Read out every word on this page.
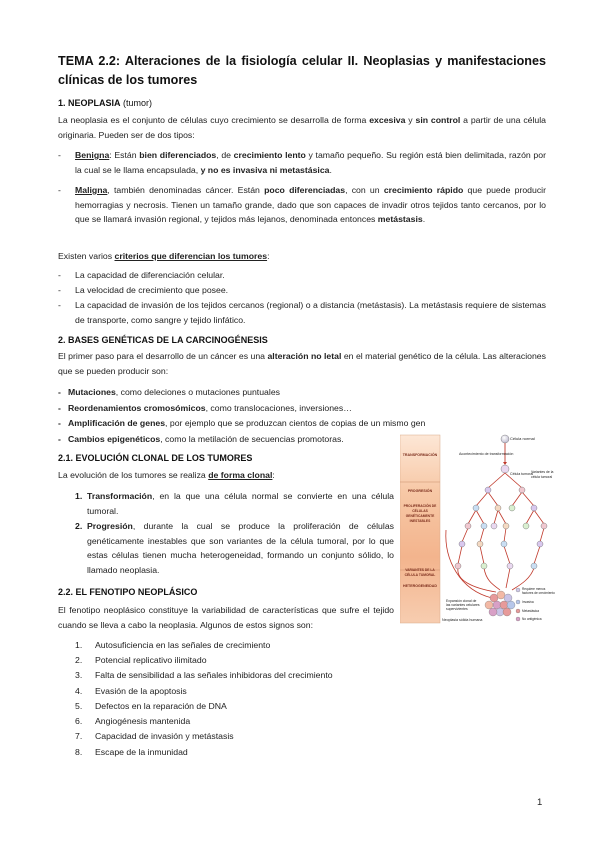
TEMA 2.2: Alteraciones de la fisiología celular II. Neoplasias y manifestaciones clínicas de los tumores
1. NEOPLASIA (tumor)
La neoplasia es el conjunto de células cuyo crecimiento se desarrolla de forma excesiva y sin control a partir de una célula originaria. Pueden ser de dos tipos:
- Benigna: Están bien diferenciados, de crecimiento lento y tamaño pequeño. Su región está bien delimitada, razón por la cual se le llama encapsulada, y no es invasiva ni metastásica.
- Maligna, también denominadas cáncer. Están poco diferenciadas, con un crecimiento rápido que puede producir hemorragias y necrosis. Tienen un tamaño grande, dado que son capaces de invadir otros tejidos tanto cercanos, por lo que se llamará invasión regional, y tejidos más lejanos, denominada entonces metástasis.
Existen varios criterios que diferencian los tumores:
- La capacidad de diferenciación celular.
- La velocidad de crecimiento que posee.
- La capacidad de invasión de los tejidos cercanos (regional) o a distancia (metástasis). La metástasis requiere de sistemas de transporte, como sangre y tejido linfático.
2. BASES GENÉTICAS DE LA CARCINOGÉNESIS
El primer paso para el desarrollo de un cáncer es una alteración no letal en el material genético de la célula. Las alteraciones que se pueden producir son:
- Mutaciones, como deleciones o mutaciones puntuales
- Reordenamientos cromosómicos, como translocaciones, inversiones…
- Amplificación de genes, por ejemplo que se produzcan cientos de copias de un mismo gen
- Cambios epigenéticos, como la metilación de secuencias promotoras.
2.1. EVOLUCIÓN CLONAL DE LOS TUMORES
La evolución de los tumores se realiza de forma clonal:
1. Transformación, en la que una célula normal se convierte en una célula tumoral.
2. Progresión, durante la cual se produce la proliferación de células genéticamente inestables que son variantes de la célula tumoral, por lo que estas células tienen mucha heterogeneidad, formando un conjunto sólido, lo llamado neoplasia.
2.2. EL FENOTIPO NEOPLÁSICO
El fenotipo neoplásico constituye la variabilidad de características que sufre el tejido cuando se lleva a cabo la neoplasia. Algunos de estos signos son:
1. Autosuficiencia en las señales de crecimiento
2. Potencial replicativo ilimitado
3. Falta de sensibilidad a las señales inhibidoras del crecimiento
4. Evasión de la apoptosis
5. Defectos en la reparación de DNA
6. Angiogénesis mantenida
7. Capacidad de invasión y metástasis
8. Escape de la inmunidad
TRANSFORMACIÓN
PROGRESIÓN
PROLIFERACIÓN DE
CÉLULAS
GENÉTICAMENTE
INESTABLES
VARIANTES DE LA
CÉLULA TUMORAL
HETEROGENEIDAD
Célula normal
Acontecimiento de transformación
Célula tumoral
Variantes de la
célula tumoral
Expansión clonal de
las variantes celulares
supervivientes
Neoplasia sólida humana
Requiere menos
factores de crecimiento
Invasiva
Metastásica
No antigénica
1
